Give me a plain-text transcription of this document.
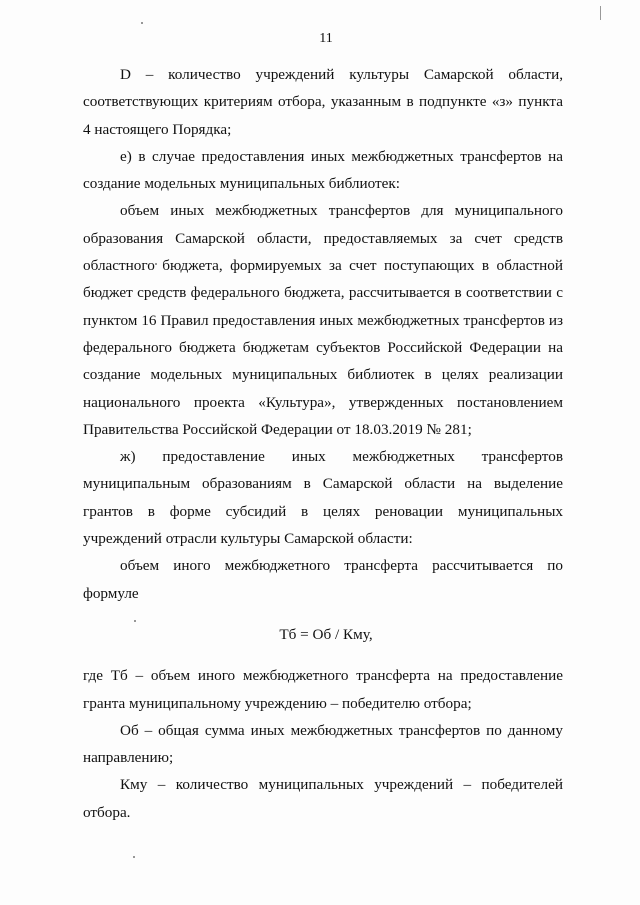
11

D – количество учреждений культуры Самарской области, соответствующих критериям отбора, указанным в подпункте «з» пункта 4 настоящего Порядка;

е) в случае предоставления иных межбюджетных трансфертов на создание модельных муниципальных библиотек:

объем иных межбюджетных трансфертов для муниципального образования Самарской области, предоставляемых за счет средств областного бюджета, формируемых за счет поступающих в областной бюджет средств федерального бюджета, рассчитывается в соответствии с пунктом 16 Правил предоставления иных межбюджетных трансфертов из федерального бюджета бюджетам субъектов Российской Федерации на создание модельных муниципальных библиотек в целях реализации национального проекта «Культура», утвержденных постановлением Правительства Российской Федерации от 18.03.2019 № 281;

ж) предоставление иных межбюджетных трансфертов муниципальным образованиям в Самарской области на выделение грантов в форме субсидий в целях реновации муниципальных учреждений отрасли культуры Самарской области:

объем иного межбюджетного трансферта рассчитывается по формуле

Тб = Об / Кму,

где Тб – объем иного межбюджетного трансферта на предоставление гранта муниципальному учреждению – победителю отбора;

Об – общая сумма иных межбюджетных трансфертов по данному направлению;

Кму – количество муниципальных учреждений – победителей отбора.
